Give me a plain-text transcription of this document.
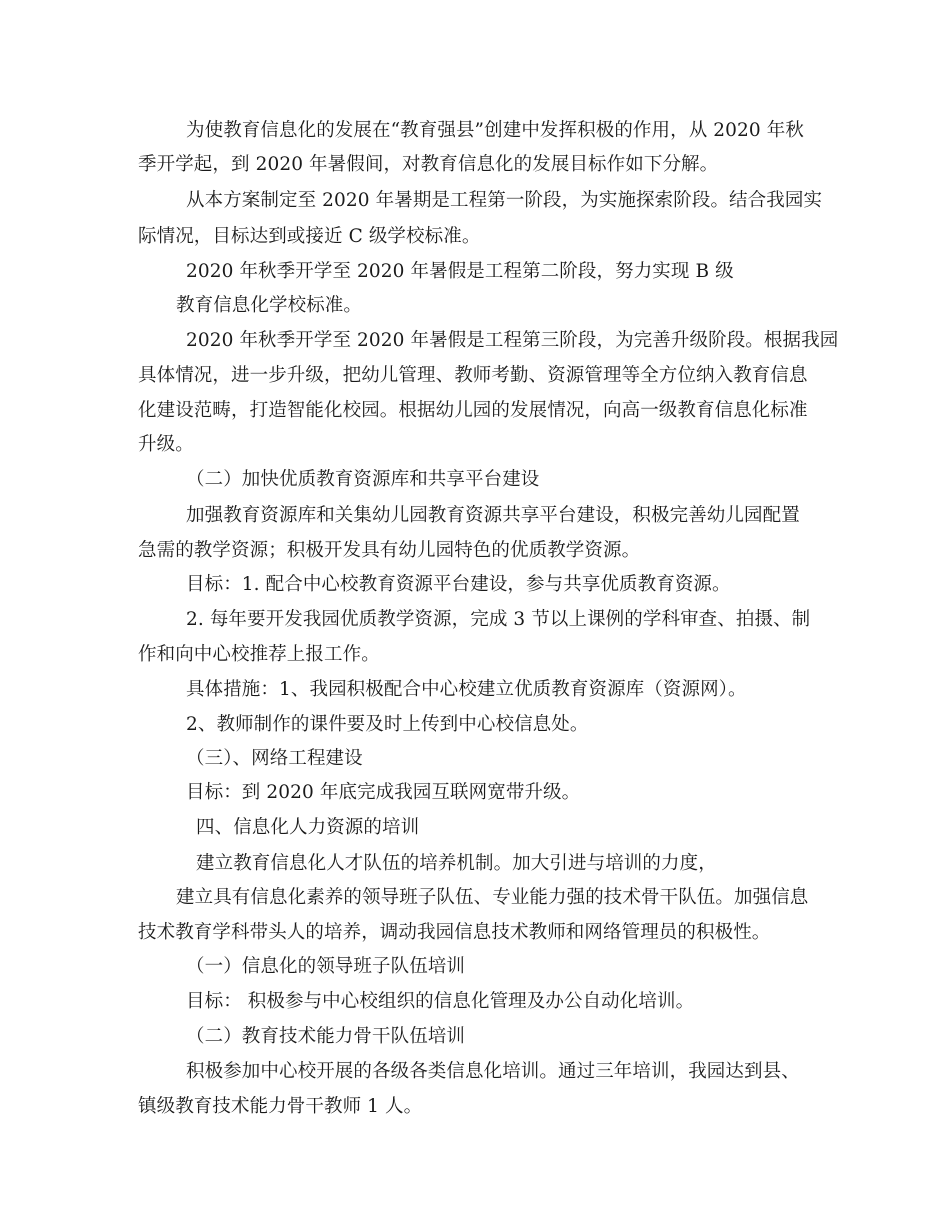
为使教育信息化的发展在“教育强县”创建中发挥积极的作用，从 2020 年秋
季开学起，到 2020 年暑假间，对教育信息化的发展目标作如下分解。
从本方案制定至 2020 年暑期是工程第一阶段，为实施探索阶段。结合我园实
际情况，目标达到或接近 C 级学校标准。
2020 年秋季开学至 2020 年暑假是工程第二阶段，努力实现 B 级
教育信息化学校标准。
2020 年秋季开学至 2020 年暑假是工程第三阶段，为完善升级阶段。根据我园
具体情况，进一步升级，把幼儿管理、教师考勤、资源管理等全方位纳入教育信息
化建设范畴，打造智能化校园。根据幼儿园的发展情况，向高一级教育信息化标准
升级。
（二）加快优质教育资源库和共享平台建设
加强教育资源库和关集幼儿园教育资源共享平台建设，积极完善幼儿园配置
急需的教学资源；积极开发具有幼儿园特色的优质教学资源。
目标：1. 配合中心校教育资源平台建设，参与共享优质教育资源。
2. 每年要开发我园优质教学资源，完成 3 节以上课例的学科审查、拍摄、制
作和向中心校推荐上报工作。
具体措施：1、我园积极配合中心校建立优质教育资源库（资源网）。
2、教师制作的课件要及时上传到中心校信息处。
（三）、网络工程建设
目标：到 2020 年底完成我园互联网宽带升级。
四、信息化人力资源的培训
建立教育信息化人才队伍的培养机制。加大引进与培训的力度，
建立具有信息化素养的领导班子队伍、专业能力强的技术骨干队伍。加强信息
技术教育学科带头人的培养，调动我园信息技术教师和网络管理员的积极性。
（一）信息化的领导班子队伍培训
目标： 积极参与中心校组织的信息化管理及办公自动化培训。
（二）教育技术能力骨干队伍培训
积极参加中心校开展的各级各类信息化培训。通过三年培训，我园达到县、
镇级教育技术能力骨干教师 1 人。
